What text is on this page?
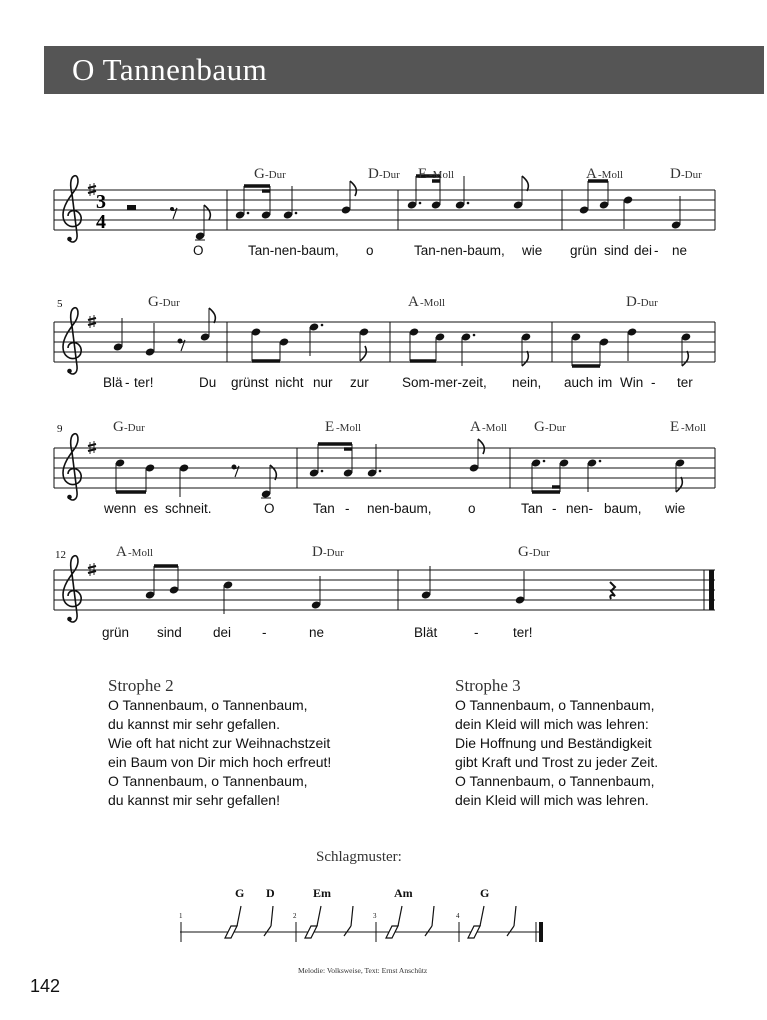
O Tannenbaum
3
4
G -Dur	D -Dur E -Moll	A -Moll	D -Dur
O	Tan-nen-baum, o	Tan-nen-baum, wie grün sind dei - ne
5	G -Dur	A -Moll	D -Dur
Blä - ter!	Du grünst nicht nur zur Som-mer-zeit, nein, auch im Win - ter
9	G -Dur	E -Moll	A -Moll G -Dur	E -Moll
wenn es schneit.	O	Tan - nen-baum,	o	Tan - nen- baum, wie
12	A -Moll	D -Dur	G -Dur
grün sind dei -	ne	Blät	-	ter!
Strophe 2
O Tannenbaum, o Tannenbaum,
du kannst mir sehr gefallen.
Wie oft hat nicht zur Weihnachstzeit
ein Baum von Dir mich hoch erfreut!
O Tannenbaum, o Tannenbaum,
du kannst mir sehr gefallen!
Strophe 3
O Tannenbaum, o Tannenbaum,
dein Kleid will mich was lehren:
Die Hoffnung und Beständigkeit
gibt Kraft und Trost zu jeder Zeit.
O Tannenbaum, o Tannenbaum,
dein Kleid will mich was lehren.
Schlagmuster:
G D	Em	Am	G
1	2	3	4
Melodie: Volksweise, Text: Ernst Anschütz
142
